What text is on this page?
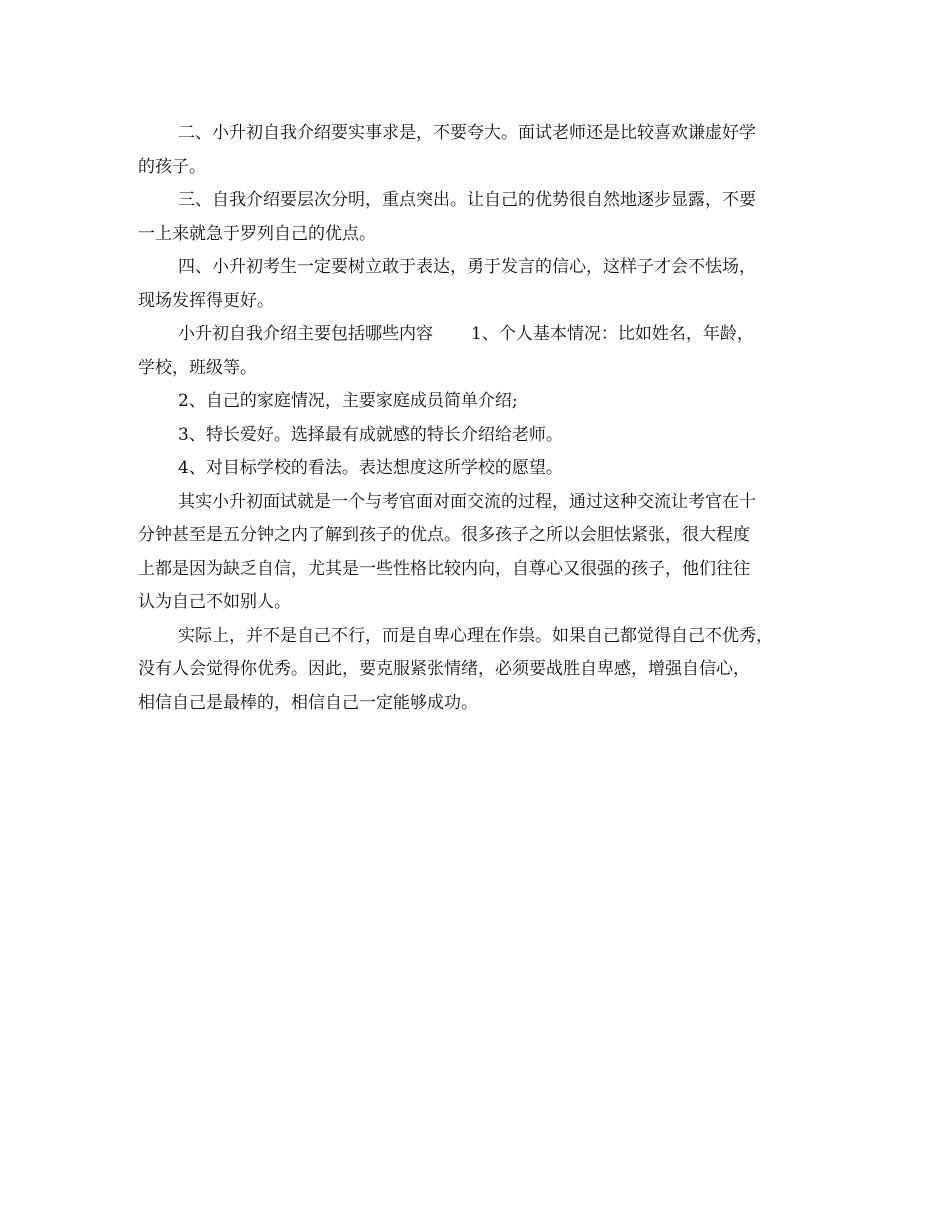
二、小升初自我介绍要实事求是，不要夸大。面试老师还是比较喜欢谦虚好学
的孩子。
三、自我介绍要层次分明，重点突出。让自己的优势很自然地逐步显露，不要
一上来就急于罗列自己的优点。
四、小升初考生一定要树立敢于表达，勇于发言的信心，这样子才会不怯场，
现场发挥得更好。
小升初自我介绍主要包括哪些内容 1、个人基本情况：比如姓名，年龄，
学校，班级等。
2、自己的家庭情况，主要家庭成员简单介绍;
3、特长爱好。选择最有成就感的特长介绍给老师。
4、对目标学校的看法。表达想度这所学校的愿望。
其实小升初面试就是一个与考官面对面交流的过程，通过这种交流让考官在十
分钟甚至是五分钟之内了解到孩子的优点。很多孩子之所以会胆怯紧张，很大程度
上都是因为缺乏自信，尤其是一些性格比较内向，自尊心又很强的孩子，他们往往
认为自己不如别人。
实际上，并不是自己不行，而是自卑心理在作祟。如果自己都觉得自己不优秀，
没有人会觉得你优秀。因此，要克服紧张情绪，必须要战胜自卑感，增强自信心，
相信自己是最棒的，相信自己一定能够成功。
